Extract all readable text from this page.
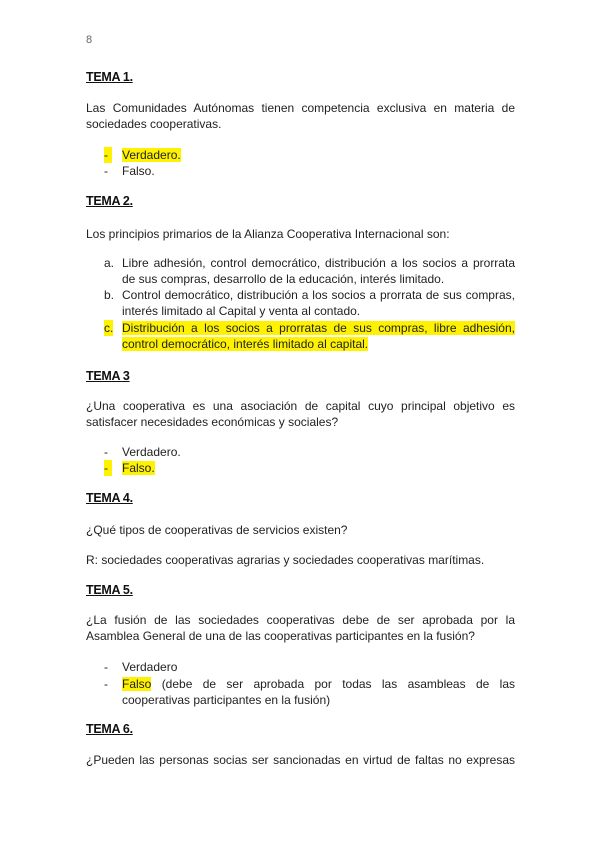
8
TEMA 1.
Las Comunidades Autónomas tienen competencia exclusiva en materia de sociedades cooperativas.
-	Verdadero.
-	Falso.
TEMA 2.
Los principios primarios de la Alianza Cooperativa Internacional son:
a. Libre adhesión, control democrático, distribución a los socios a prorrata de sus compras, desarrollo de la educación, interés limitado.
b. Control democrático, distribución a los socios a prorrata de sus compras, interés limitado al Capital y venta al contado.
c. Distribución a los socios a prorratas de sus compras, libre adhesión, control democrático, interés limitado al capital.
TEMA 3
¿Una cooperativa es una asociación de capital cuyo principal objetivo es satisfacer necesidades económicas y sociales?
-	Verdadero.
-	Falso.
TEMA 4.
¿Qué tipos de cooperativas de servicios existen?
R: sociedades cooperativas agrarias y sociedades cooperativas marítimas.
TEMA 5.
¿La fusión de las sociedades cooperativas debe de ser aprobada por la Asamblea General de una de las cooperativas participantes en la fusión?
-	Verdadero
-	Falso (debe de ser aprobada por todas las asambleas de las cooperativas participantes en la fusión)
TEMA 6.
¿Pueden las personas socias ser sancionadas en virtud de faltas no expresas
